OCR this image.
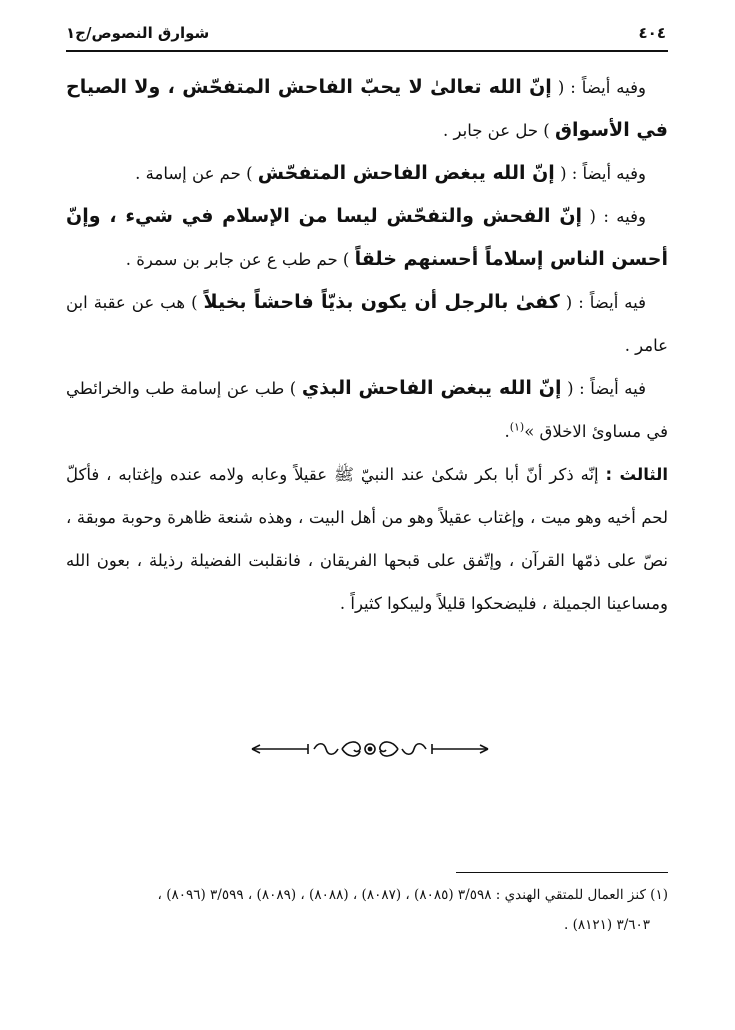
٤٠٤
شوارق النصوص/ج١

وفيه أيضاً : ( إنّ الله تعالىٰ لا يحبّ الفاحش المتفحّش ، ولا الصياح في الأسواق ) حل عن جابر .

وفيه أيضاً : ( إنّ الله يبغض الفاحش المتفحّش ) حم عن إسامة .

وفيه : ( إنّ الفحش والتفحّش ليسا من الإسلام في شيء ، وإنّ أحسن الناس إسلاماً أحسنهم خلقاً ) حم طب ع عن جابر بن سمرة .

فيه أيضاً : ( كفىٰ بالرجل أن يكون بذيّاً فاحشاً بخيلاً ) هب عن عقبة ابن عامر .

فيه أيضاً : ( إنّ الله يبغض الفاحش البذي ) طب عن إسامة طب والخرائطي في مساوئ الاخلاق »$^{(١)}$.

الثالث : إنّه ذكر أنّ أبا بكر شكىٰ عند النبيّ ﷺ عقيلاً وعابه ولامه عنده وإغتابه ، فأكلّ لحم أخيه وهو ميت ، وإغتاب عقيلاً وهو من أهل البيت ، وهذه شنعة ظاهرة وحوبة موبقة ، نصّ على ذمّها القرآن ، وإتّفق على قبحها الفريقان ، فانقلبت الفضيلة رذيلة ، بعون الله ومساعينا الجميلة ، فليضحكوا قليلاً وليبكوا كثيراً .

(١) كنز العمال للمتقي الهندي : ٣/٥٩٨ (٨٠٨٥) ، (٨٠٨٧) ، (٨٠٨٨) ، (٨٠٨٩) ، ٣/٥٩٩ (٨٠٩٦) ،

٣/٦٠٣ (٨١٢١) .
